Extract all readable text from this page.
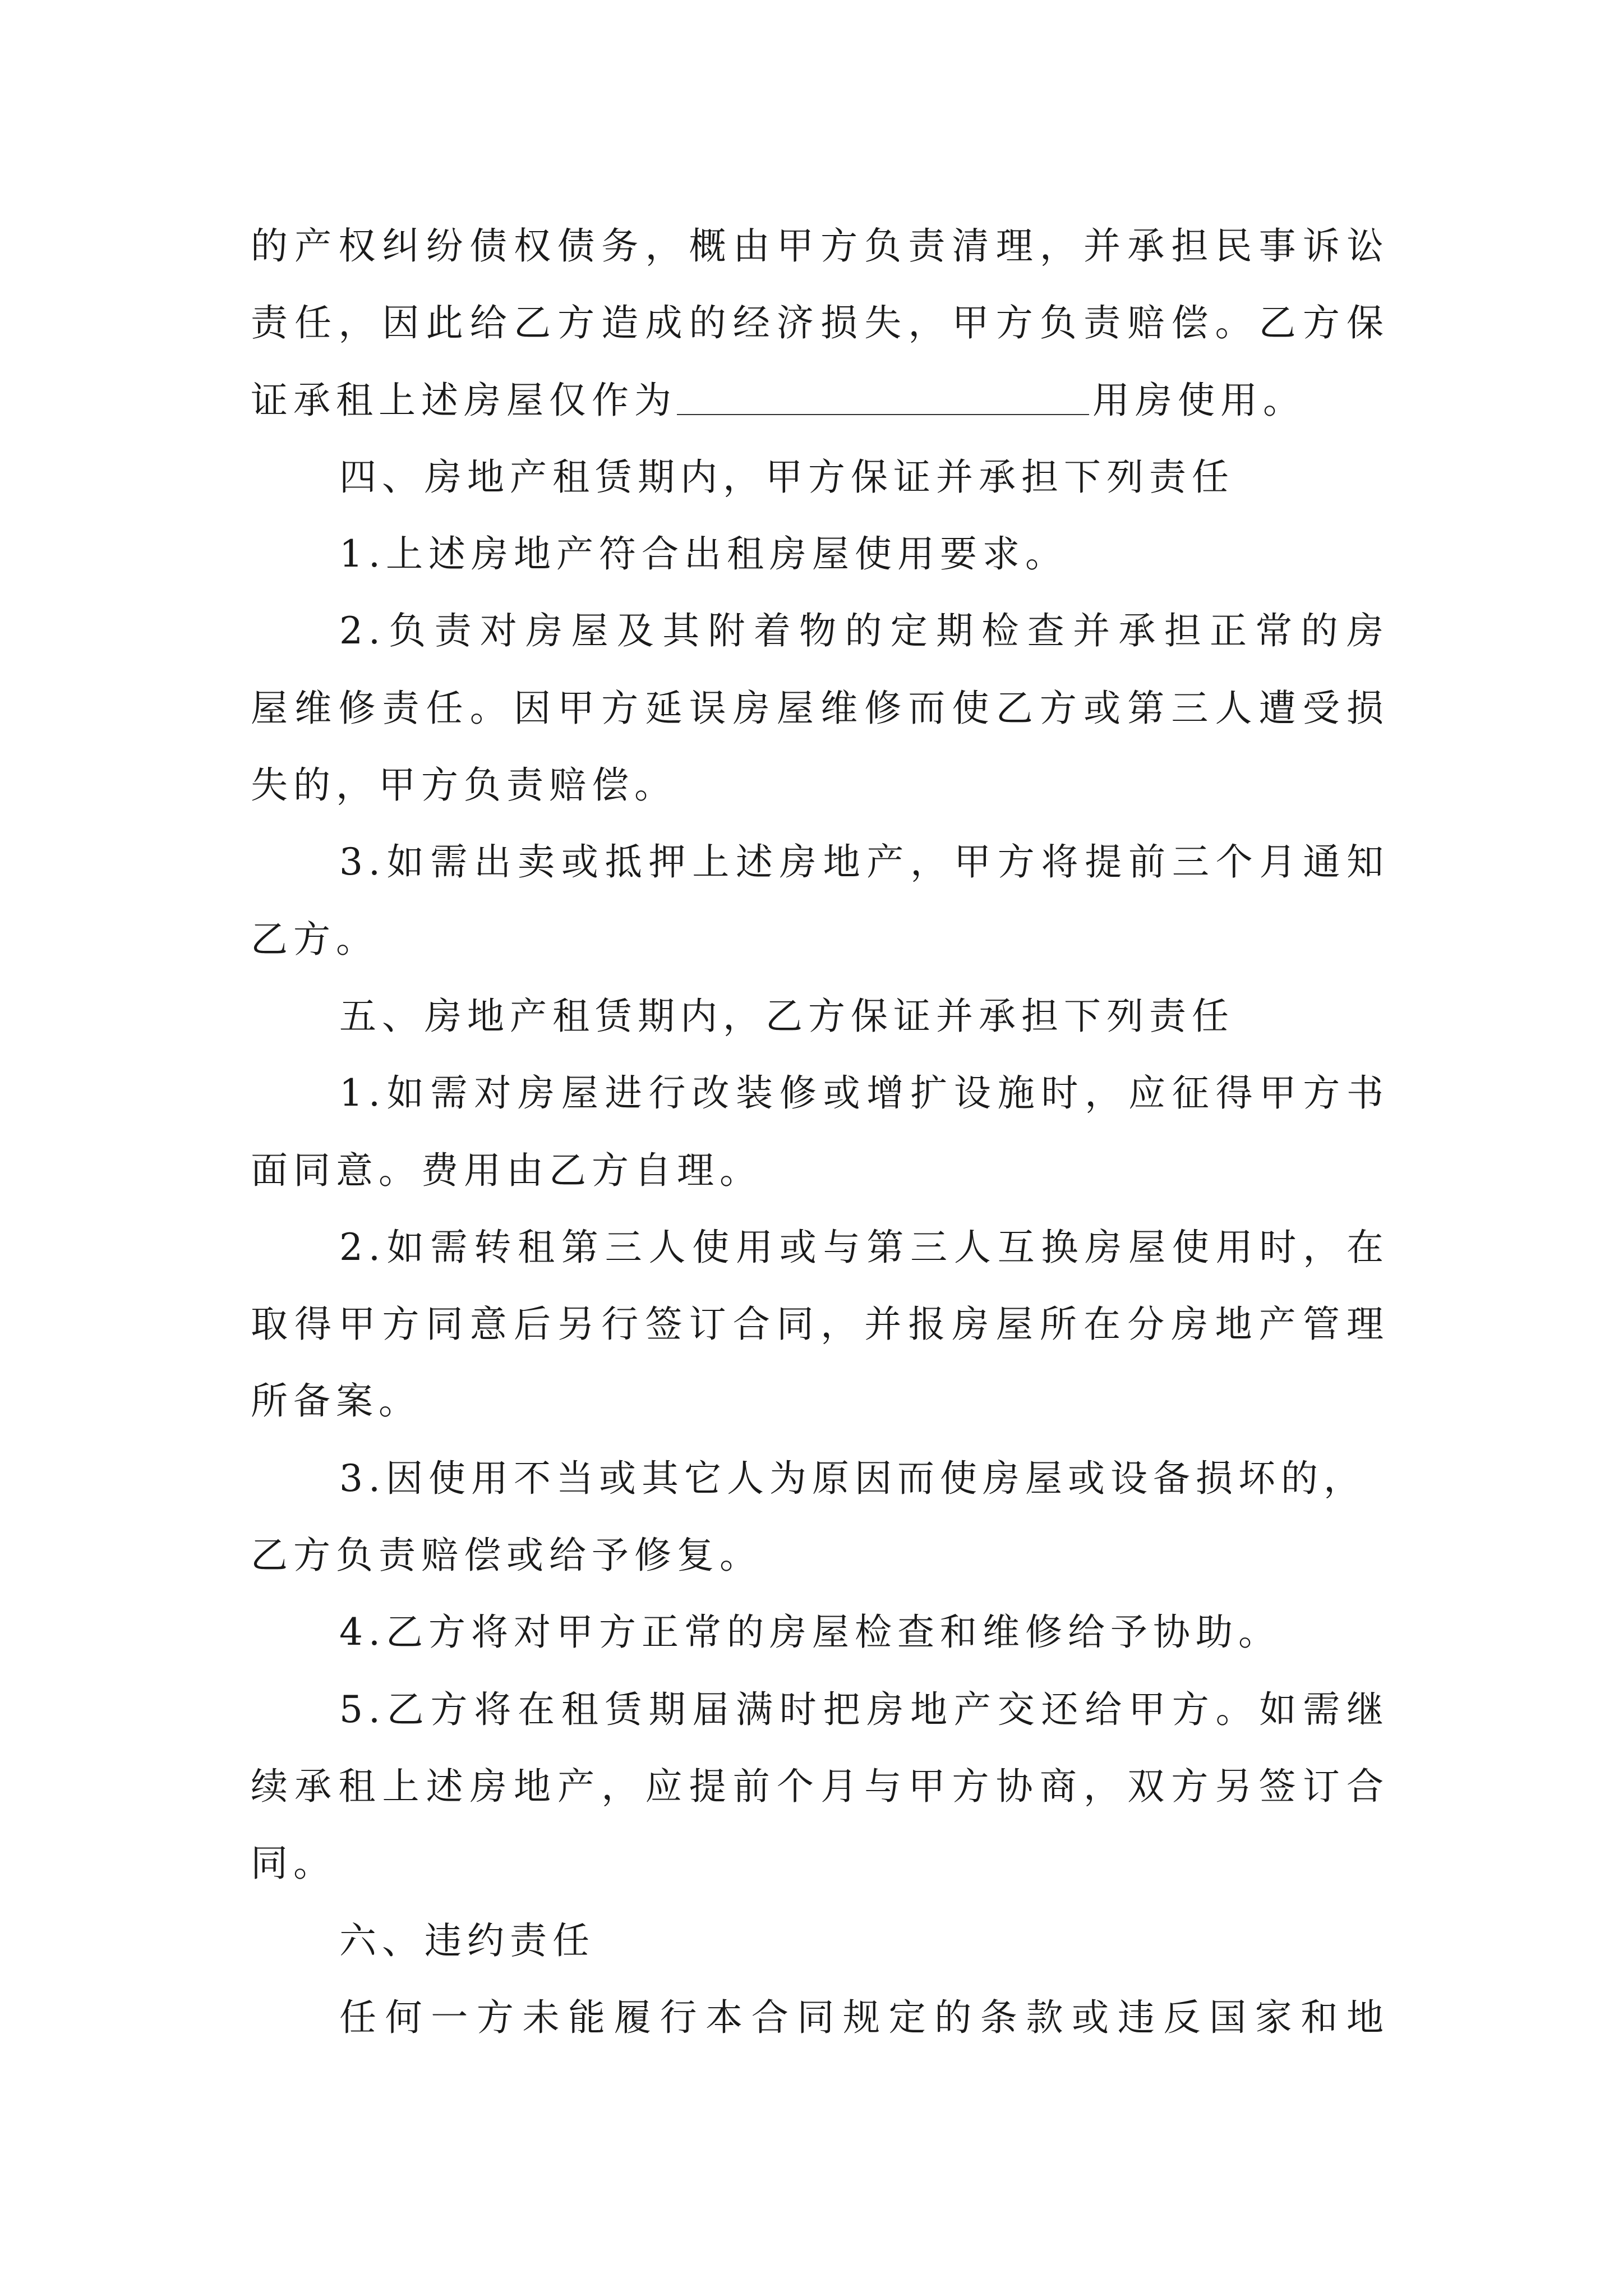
的产权纠纷债权债务，概由甲方负责清理，并承担民事诉讼
责任，因此给乙方造成的经济损失，甲方负责赔偿。乙方保
证承租上述房屋仅作为	用房使用。
四、房地产租赁期内，甲方保证并承担下列责任
1.上述房地产符合出租房屋使用要求。
2.负责对房屋及其附着物的定期检查并承担正常的房
屋维修责任。因甲方延误房屋维修而使乙方或第三人遭受损
失的，甲方负责赔偿。
3.如需出卖或抵押上述房地产，甲方将提前三个月通知
乙方。
五、房地产租赁期内，乙方保证并承担下列责任
1.如需对房屋进行改装修或增扩设施时，应征得甲方书
面同意。费用由乙方自理。
2.如需转租第三人使用或与第三人互换房屋使用时，在
取得甲方同意后另行签订合同，并报房屋所在分房地产管理
所备案。
3.因使用不当或其它人为原因而使房屋或设备损坏的，
乙方负责赔偿或给予修复。
4.乙方将对甲方正常的房屋检查和维修给予协助。
5.乙方将在租赁期届满时把房地产交还给甲方。如需继
续承租上述房地产，应提前个月与甲方协商，双方另签订合
同。
六、违约责任
任何一方未能履行本合同规定的条款或违反国家和地
